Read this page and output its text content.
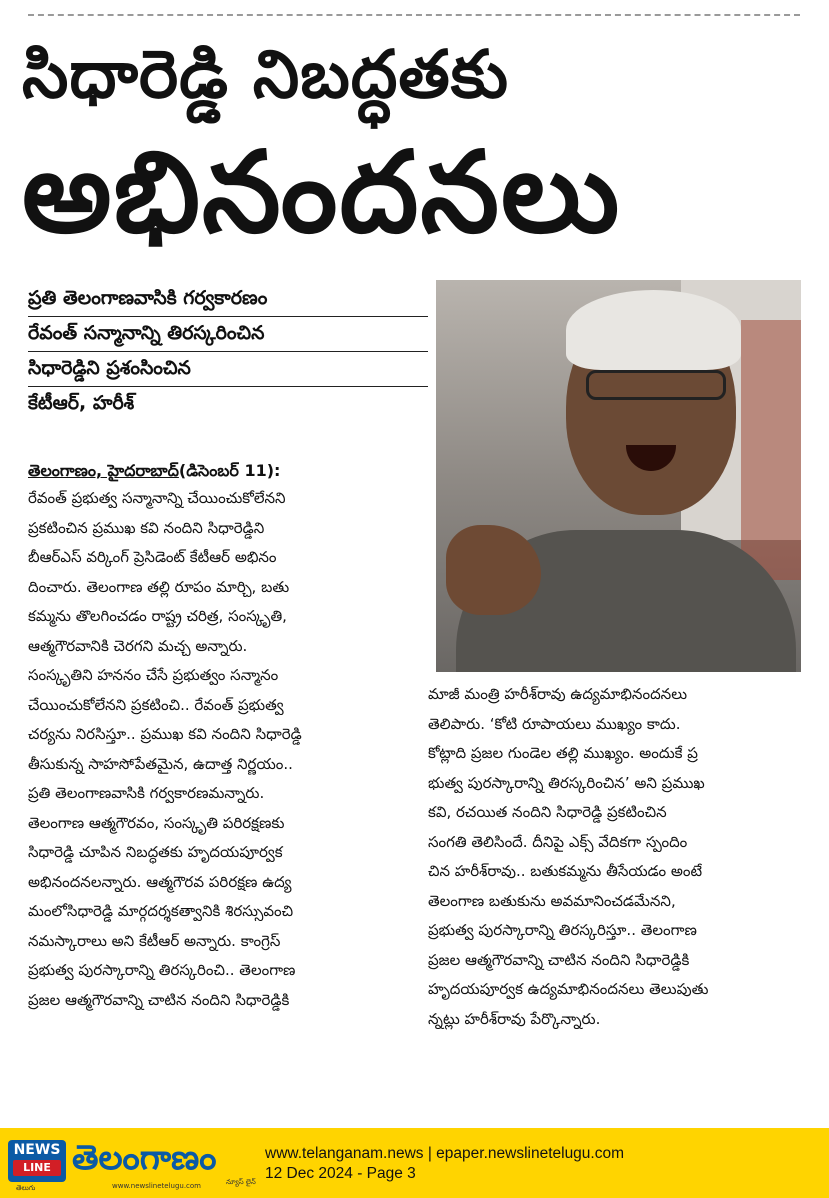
సిధారెడ్డి నిబద్ధతకు
అభినందనలు
ప్రతి తెలంగాణవాసికి గర్వకారణం
రేవంత్ సన్మానాన్ని తిరస్కరించిన
సిధారెడ్డిని ప్రశంసించిన
కేటీఆర్, హరీశ్
తెలంగాణం, హైదరాబాద్(డిసెంబర్ 11):
రేవంత్ ప్రభుత్వ సన్మానాన్ని చేయించుకోలేనని
ప్రకటించిన ప్రముఖ కవి నందిని సిధారెడ్డిని
బీఆర్ఎస్ వర్కింగ్ ప్రెసిడెంట్ కేటీఆర్ అభినం
దించారు. తెలంగాణ తల్లి రూపం మార్చి, బతు
కమ్మను తొలగించడం రాష్ట్ర చరిత్ర, సంస్కృతి,
ఆత్మగౌరవానికి చెరగని మచ్చ అన్నారు.
సంస్కృతిని హననం చేసే ప్రభుత్వం సన్మానం
చేయించుకోలేనని ప్రకటించి.. రేవంత్ ప్రభుత్వ
చర్యను నిరసిస్తూ.. ప్రముఖ కవి నందిని సిధారెడ్డి
తీసుకున్న సాహసోపేతమైన, ఉదాత్త నిర్ణయం..
ప్రతి తెలంగాణవాసికి గర్వకారణమన్నారు.
తెలంగాణ ఆత్మగౌరవం, సంస్కృతి పరిరక్షణకు
సిధారెడ్డి చూపిన నిబద్ధతకు హృదయపూర్వక
అభినందనలన్నారు. ఆత్మగౌరవ పరిరక్షణ ఉద్య
మంలోసిధారెడ్డి మార్గదర్శకత్వానికి శిరస్సువంచి
నమస్కారాలు అని కేటీఆర్ అన్నారు. కాంగ్రెస్
ప్రభుత్వ పురస్కారాన్ని తిరస్కరించి.. తెలంగాణ
ప్రజల ఆత్మగౌరవాన్ని చాటిన నందిని సిధారెడ్డికి
మాజీ మంత్రి హరీశ్‌రావు ఉద్యమాభినందనలు
తెలిపారు. ‘కోటి రూపాయలు ముఖ్యం కాదు.
కోట్లాది ప్రజల గుండెల తల్లి ముఖ్యం. అందుకే ప్ర
భుత్వ పురస్కారాన్ని తిరస్కరించిన’ అని ప్రముఖ
కవి, రచయిత నందిని సిధారెడ్డి ప్రకటించిన
సంగతి తెలిసిందే. దీనిపై ఎక్స్ వేదికగా స్పందిం
చిన హరీశ్‌రావు.. బతుకమ్మను తీసేయడం అంటే
తెలంగాణ బతుకును అవమానించడమేనని,
ప్రభుత్వ పురస్కారాన్ని తిరస్కరిస్తూ.. తెలంగాణ
ప్రజల ఆత్మగౌరవాన్ని చాటిన నందిని సిధారెడ్డికి
హృదయపూర్వక ఉద్యమాభినందనలు తెలుపుతు
న్నట్లు హరీశ్‌రావు పేర్కొన్నారు.
NEWS
LINE
తెలుగు
తెలంగాణం
www.newslinetelugu.com	న్యూస్‌ లైన్‌
www.telanganam.news | epaper.newslinetelugu.com
12 Dec 2024 - Page 3
